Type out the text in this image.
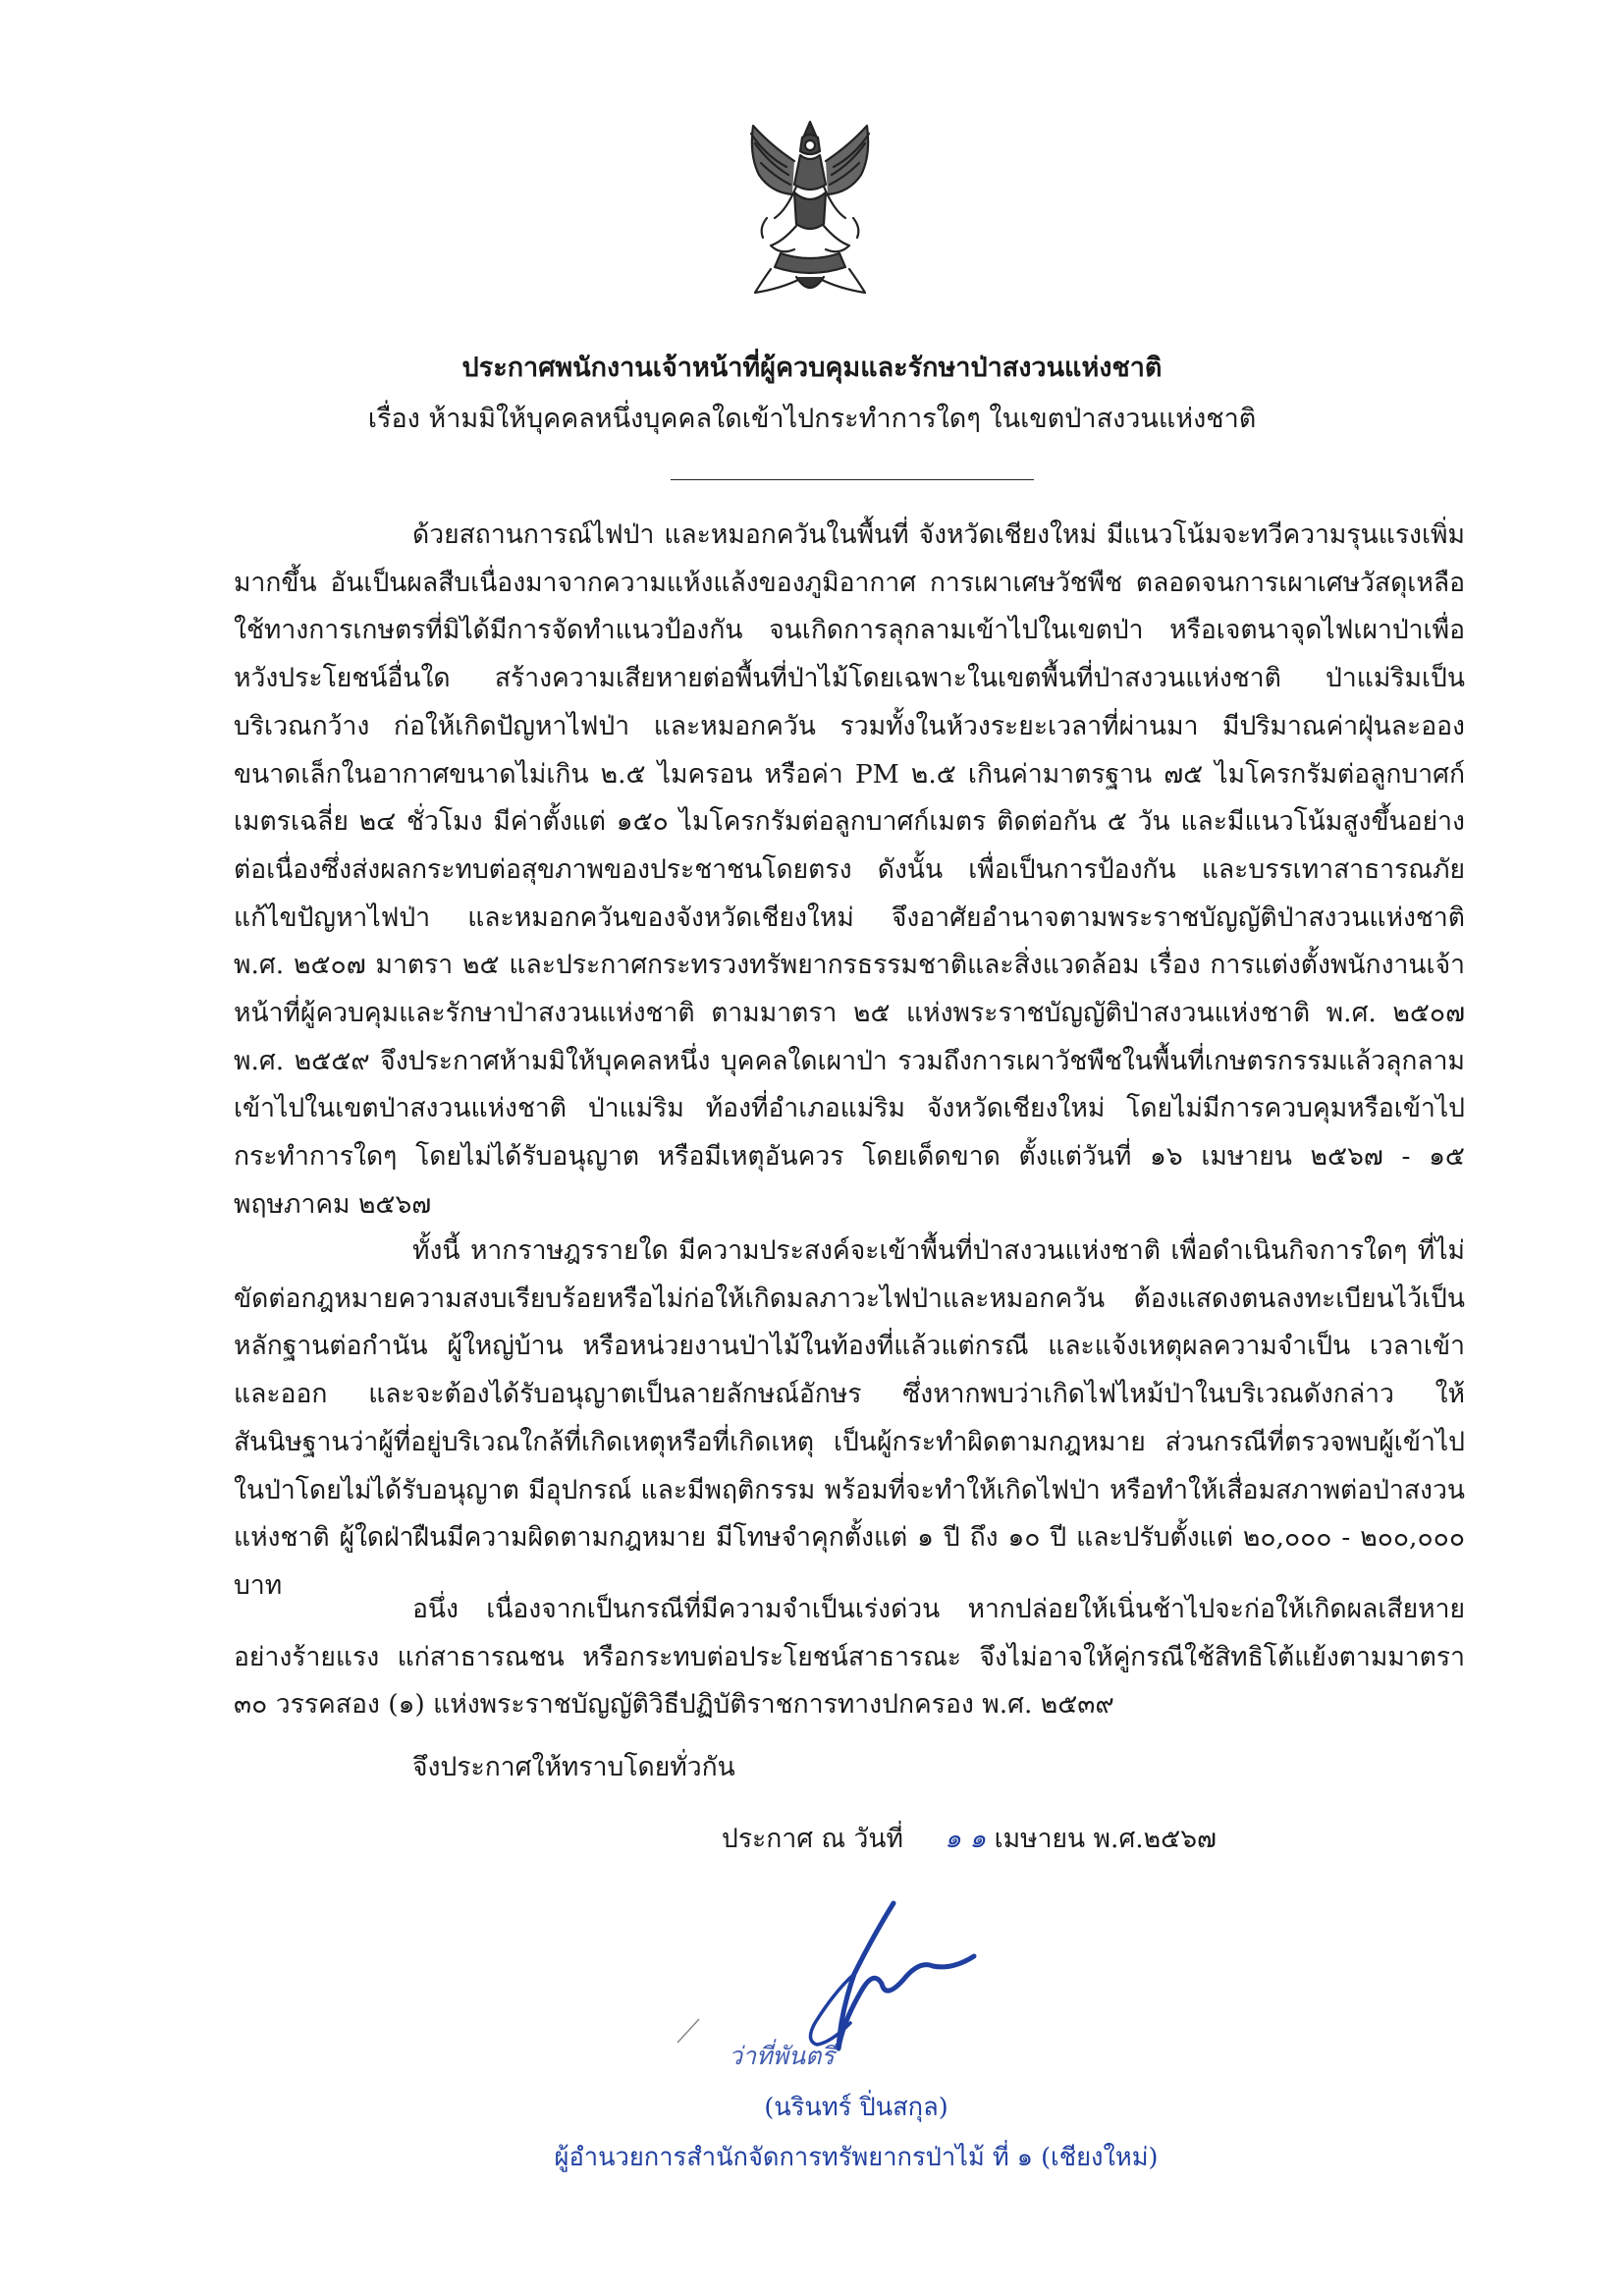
ประกาศพนักงานเจ้าหน้าที่ผู้ควบคุมและรักษาป่าสงวนแห่งชาติ
เรื่อง ห้ามมิให้บุคคลหนึ่งบุคคลใดเข้าไปกระทำการใดๆ ในเขตป่าสงวนแห่งชาติ

ด้วยสถานการณ์ไฟป่า และหมอกควันในพื้นที่ จังหวัดเชียงใหม่ มีแนวโน้มจะทวีความรุนแรงเพิ่มมากขึ้น อันเป็นผลสืบเนื่องมาจากความแห้งแล้งของภูมิอากาศ การเผาเศษวัชพืช ตลอดจนการเผาเศษวัสดุเหลือใช้ทางการเกษตรที่มิได้มีการจัดทำแนวป้องกัน จนเกิดการลุกลามเข้าไปในเขตป่า หรือเจตนาจุดไฟเผาป่าเพื่อหวังประโยชน์อื่นใด สร้างความเสียหายต่อพื้นที่ป่าไม้โดยเฉพาะในเขตพื้นที่ป่าสงวนแห่งชาติ ป่าแม่ริมเป็นบริเวณกว้าง ก่อให้เกิดปัญหาไฟป่า และหมอกควัน รวมทั้งในห้วงระยะเวลาที่ผ่านมา มีปริมาณค่าฝุ่นละอองขนาดเล็กในอากาศขนาดไม่เกิน ๒.๕ ไมครอน หรือค่า PM ๒.๕ เกินค่ามาตรฐาน ๗๕ ไมโครกรัมต่อลูกบาศก์เมตรเฉลี่ย ๒๔ ชั่วโมง มีค่าตั้งแต่ ๑๕๐ ไมโครกรัมต่อลูกบาศก์เมตร ติดต่อกัน ๕ วัน และมีแนวโน้มสูงขึ้นอย่างต่อเนื่องซึ่งส่งผลกระทบต่อสุขภาพของประชาชนโดยตรง ดังนั้น เพื่อเป็นการป้องกัน และบรรเทาสาธารณภัย แก้ไขปัญหาไฟป่า และหมอกควันของจังหวัดเชียงใหม่ จึงอาศัยอำนาจตามพระราชบัญญัติป่าสงวนแห่งชาติ พ.ศ. ๒๕๐๗ มาตรา ๒๕ และประกาศกระทรวงทรัพยากรธรรมชาติและสิ่งแวดล้อม เรื่อง การแต่งตั้งพนักงานเจ้าหน้าที่ผู้ควบคุมและรักษาป่าสงวนแห่งชาติ ตามมาตรา ๒๕ แห่งพระราชบัญญัติป่าสงวนแห่งชาติ พ.ศ. ๒๕๐๗ พ.ศ. ๒๕๕๙ จึงประกาศห้ามมิให้บุคคลหนึ่ง บุคคลใดเผาป่า รวมถึงการเผาวัชพืชในพื้นที่เกษตรกรรมแล้วลุกลามเข้าไปในเขตป่าสงวนแห่งชาติ ป่าแม่ริม ท้องที่อำเภอแม่ริม จังหวัดเชียงใหม่ โดยไม่มีการควบคุมหรือเข้าไปกระทำการใดๆ โดยไม่ได้รับอนุญาต หรือมีเหตุอันควร โดยเด็ดขาด ตั้งแต่วันที่ ๑๖ เมษายน ๒๕๖๗ - ๑๕ พฤษภาคม ๒๕๖๗

ทั้งนี้ หากราษฎรรายใด มีความประสงค์จะเข้าพื้นที่ป่าสงวนแห่งชาติ เพื่อดำเนินกิจการใดๆ ที่ไม่ขัดต่อกฎหมายความสงบเรียบร้อยหรือไม่ก่อให้เกิดมลภาวะไฟป่าและหมอกควัน ต้องแสดงตนลงทะเบียนไว้เป็นหลักฐานต่อกำนัน ผู้ใหญ่บ้าน หรือหน่วยงานป่าไม้ในท้องที่แล้วแต่กรณี และแจ้งเหตุผลความจำเป็น เวลาเข้าและออก และจะต้องได้รับอนุญาตเป็นลายลักษณ์อักษร ซึ่งหากพบว่าเกิดไฟไหม้ป่าในบริเวณดังกล่าว ให้สันนิษฐานว่าผู้ที่อยู่บริเวณใกล้ที่เกิดเหตุหรือที่เกิดเหตุ เป็นผู้กระทำผิดตามกฎหมาย ส่วนกรณีที่ตรวจพบผู้เข้าไปในป่าโดยไม่ได้รับอนุญาต มีอุปกรณ์ และมีพฤติกรรม พร้อมที่จะทำให้เกิดไฟป่า หรือทำให้เสื่อมสภาพต่อป่าสงวนแห่งชาติ ผู้ใดฝ่าฝืนมีความผิดตามกฎหมาย มีโทษจำคุกตั้งแต่ ๑ ปี ถึง ๑๐ ปี และปรับตั้งแต่ ๒๐,๐๐๐ - ๒๐๐,๐๐๐ บาท

อนึ่ง เนื่องจากเป็นกรณีที่มีความจำเป็นเร่งด่วน หากปล่อยให้เนิ่นช้าไปจะก่อให้เกิดผลเสียหายอย่างร้ายแรง แก่สาธารณชน หรือกระทบต่อประโยชน์สาธารณะ จึงไม่อาจให้คู่กรณีใช้สิทธิโต้แย้งตามมาตรา ๓๐ วรรคสอง (๑) แห่งพระราชบัญญัติวิธีปฏิบัติราชการทางปกครอง พ.ศ. ๒๕๓๙

จึงประกาศให้ทราบโดยทั่วกัน

ประกาศ ณ วันที่ ๑ ๑ เมษายน พ.ศ.๒๕๖๗
ว่าที่พันตรี
(นรินทร์ ปิ่นสกุล)
ผู้อำนวยการสำนักจัดการทรัพยากรป่าไม้ ที่ ๑ (เชียงใหม่)
